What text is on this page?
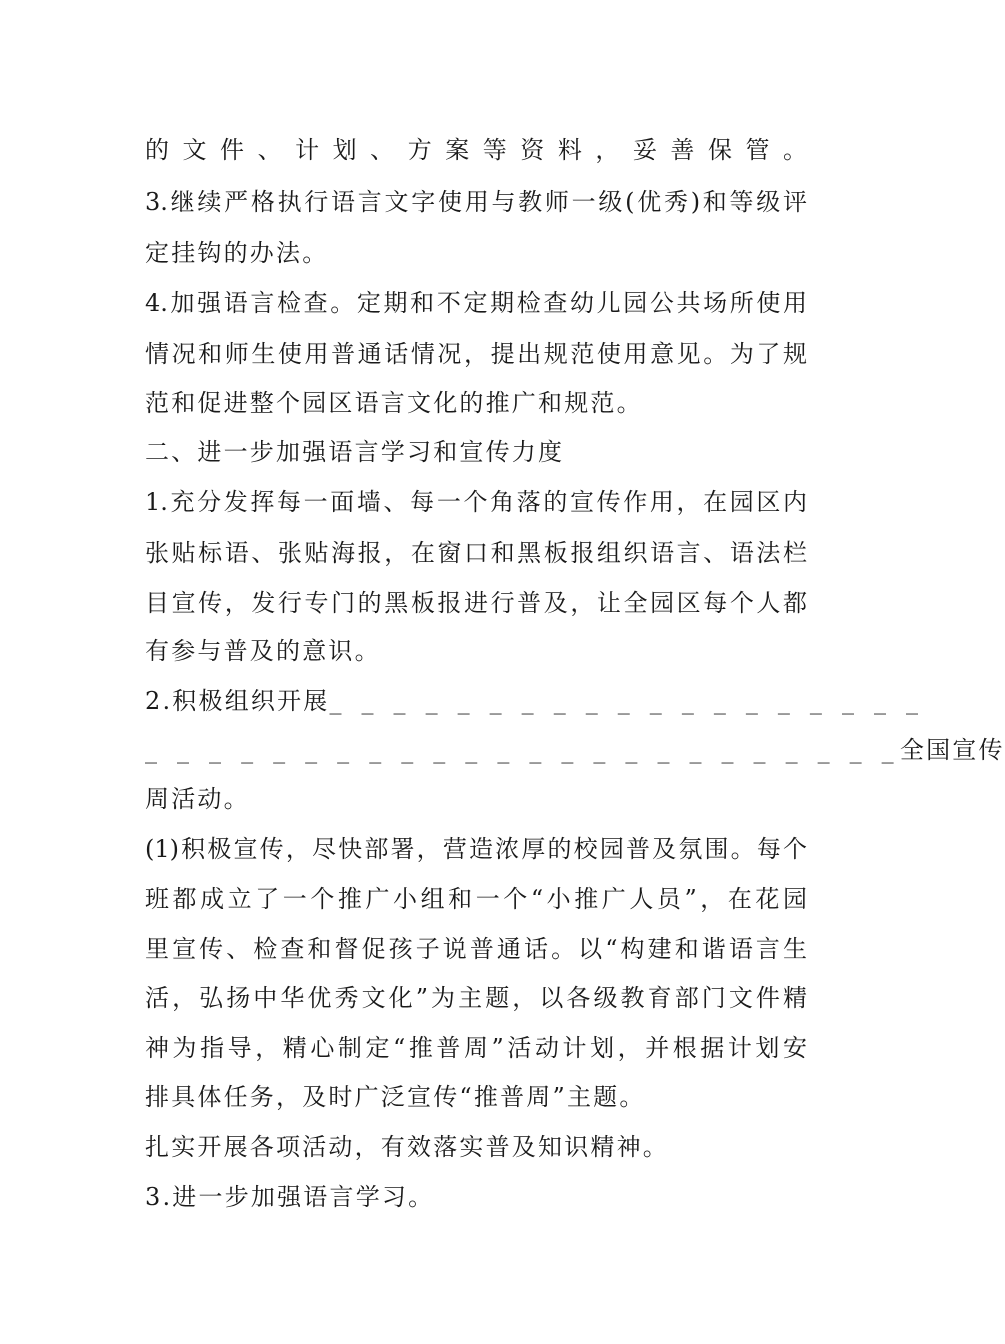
的文件、计划、方案等资料，妥善保管。
3.继续严格执行语言文字使用与教师一级(优秀)和等级评
定挂钩的办法。
4.加强语言检查。定期和不定期检查幼儿园公共场所使用
情况和师生使用普通话情况，提出规范使用意见。为了规
范和促进整个园区语言文化的推广和规范。
二、进一步加强语言学习和宣传力度
1.充分发挥每一面墙、每一个角落的宣传作用，在园区内
张贴标语、张贴海报，在窗口和黑板报组织语言、语法栏
目宣传，发行专门的黑板报进行普及，让全园区每个人都
有参与普及的意识。
2.积极组织开展 _ _ _ _ _ _ _ _ _ _ _ _ _ _ _ _ _ _ _
_ _ _ _ _ _ _ _ _ _ _ _ _ _ _ _ _ _ _ _ _ _ _ _ 全国宣传
周活动。
(1)积极宣传，尽快部署，营造浓厚的校园普及氛围。每个
班都成立了一个推广小组和一个“小推广人员”，在花园
里宣传、检查和督促孩子说普通话。以“构建和谐语言生
活，弘扬中华优秀文化”为主题，以各级教育部门文件精
神为指导，精心制定“推普周”活动计划，并根据计划安
排具体任务，及时广泛宣传“推普周”主题。
扎实开展各项活动，有效落实普及知识精神。
3.进一步加强语言学习。
